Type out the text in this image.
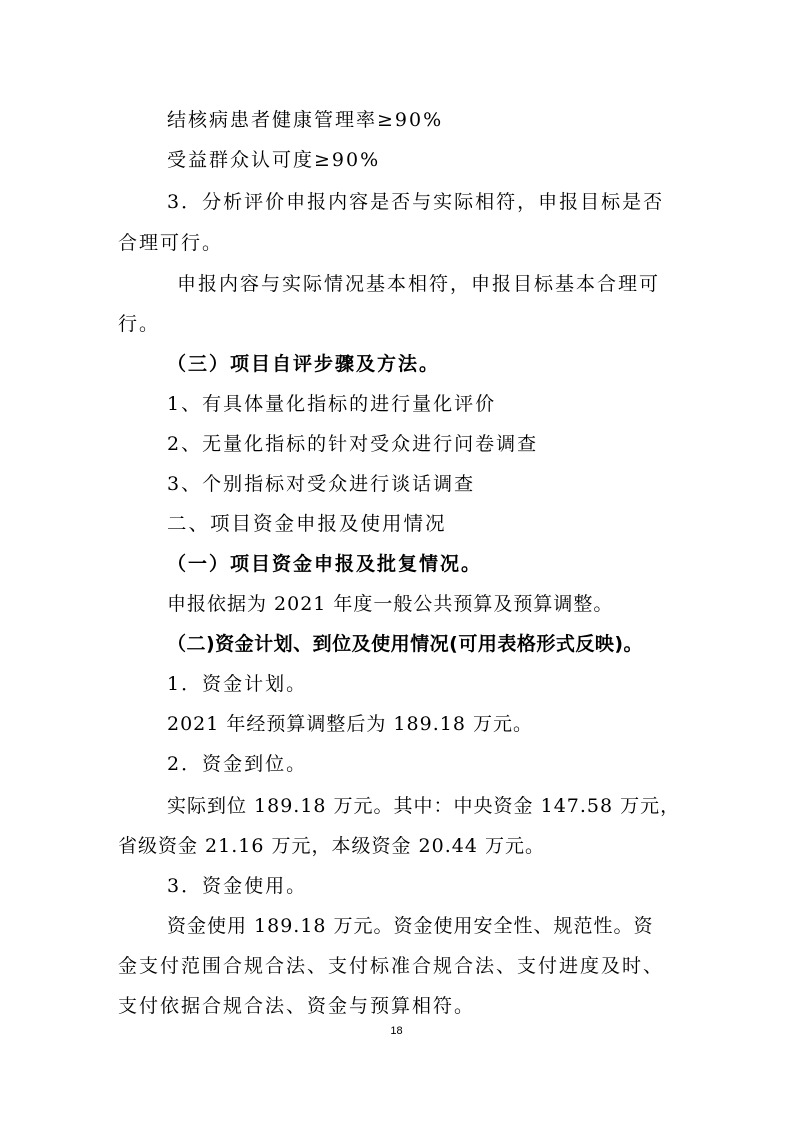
结核病患者健康管理率≥90%
受益群众认可度≥90%
3．分析评价申报内容是否与实际相符，申报目标是否
合理可行。
申报内容与实际情况基本相符，申报目标基本合理可
行。
（三）项目自评步骤及方法。
1、有具体量化指标的进行量化评价
2、无量化指标的针对受众进行问卷调查
3、个别指标对受众进行谈话调查
二、项目资金申报及使用情况
（一）项目资金申报及批复情况。
申报依据为 2021 年度一般公共预算及预算调整。
（二)资金计划、到位及使用情况(可用表格形式反映)。
1．资金计划。
2021 年经预算调整后为 189.18 万元。
2．资金到位。
实际到位 189.18 万元。其中：中央资金 147.58 万元，
省级资金 21.16 万元，本级资金 20.44 万元。
3．资金使用。
资金使用 189.18 万元。资金使用安全性、规范性。资
金支付范围合规合法、支付标准合规合法、支付进度及时、
支付依据合规合法、资金与预算相符。
18
